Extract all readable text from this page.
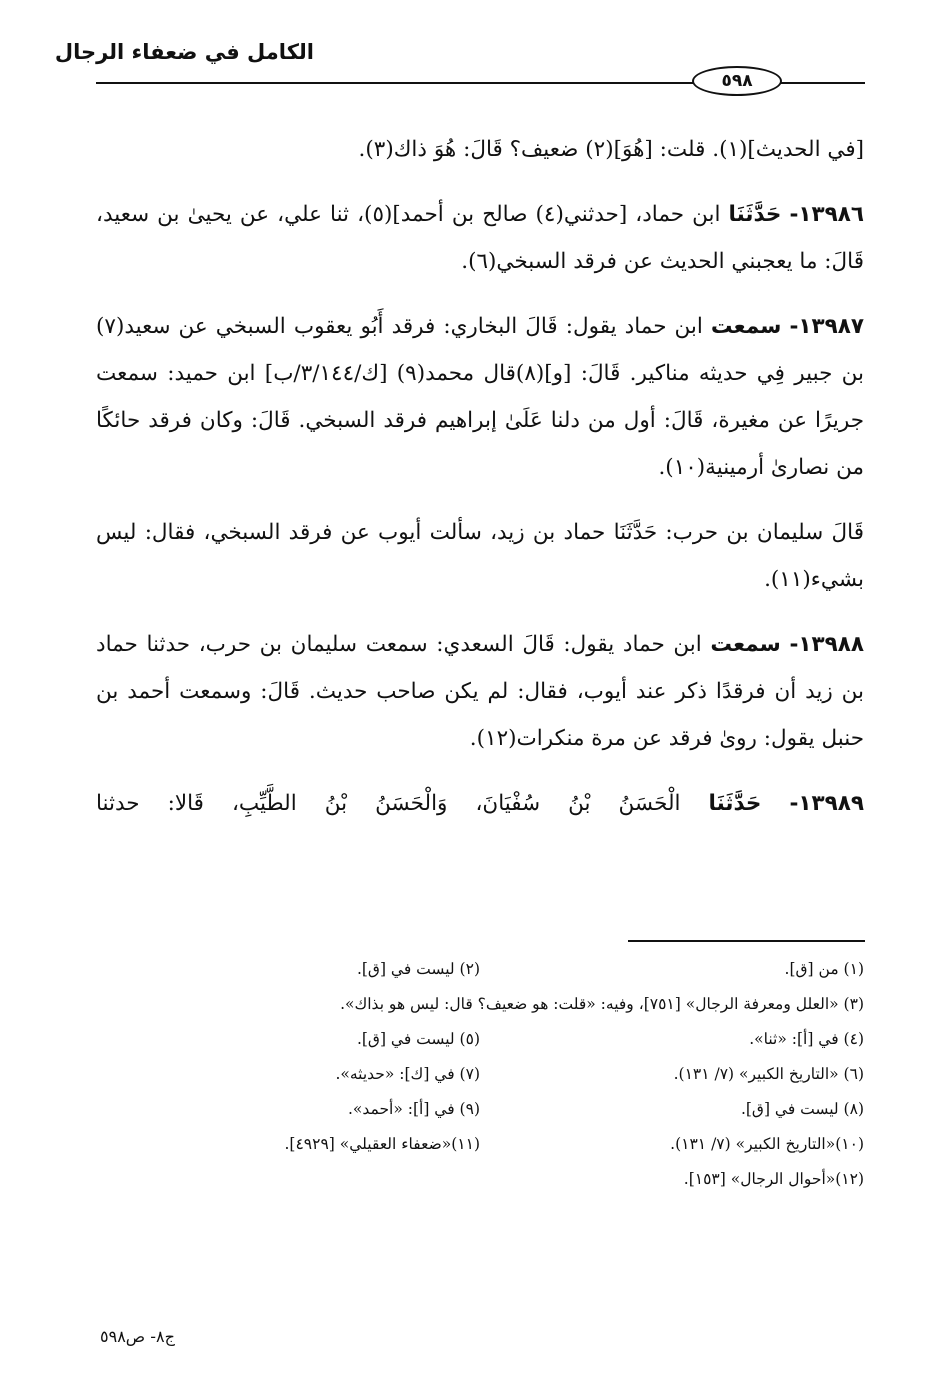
الكامل في ضعفاء الرجال
٥٩٨

[في الحديث](١). قلت: [هُوَ](٢) ضعيف؟ قَالَ: هُوَ ذاك(٣).

١٣٩٨٦- حَدَّثَنَا ابن حماد، [حدثني(٤) صالح بن أحمد](٥)، ثنا علي، عن يحيىٰ بن سعيد، قَالَ: ما يعجبني الحديث عن فرقد السبخي(٦).

١٣٩٨٧- سمعت ابن حماد يقول: قَالَ البخاري: فرقد أَبُو يعقوب السبخي عن سعيد(٧) بن جبير فِي حديثه مناكير. قَالَ: [و](٨)قال محمد(٩) [ك/٣/١٤٤/ب] ابن حميد: سمعت جريرًا عن مغيرة، قَالَ: أول من دلنا عَلَىٰ إبراهيم فرقد السبخي. قَالَ: وكان فرقد حائكًا من نصارىٰ أرمينية(١٠).

قَالَ سليمان بن حرب: حَدَّثَنَا حماد بن زيد، سألت أيوب عن فرقد السبخي، فقال: ليس بشيء(١١).

١٣٩٨٨- سمعت ابن حماد يقول: قَالَ السعدي: سمعت سليمان بن حرب، حدثنا حماد بن زيد أن فرقدًا ذكر عند أيوب، فقال: لم يكن صاحب حديث. قَالَ: وسمعت أحمد بن حنبل يقول: روىٰ فرقد عن مرة منكرات(١٢).

١٣٩٨٩- حَدَّثَنَا الْحَسَنُ بْنُ سُفْيَانَ، وَالْحَسَنُ بْنُ الطَّيِّبِ، قَالا: حدثنا

(١) من [ق].
(٢) ليست في [ق].
(٣) «العلل ومعرفة الرجال» [٧٥١]، وفيه: «قلت: هو ضعيف؟ قال: ليس هو بذاك».
(٤) في [أ]: «ثنا».
(٥) ليست في [ق].
(٦) «التاريخ الكبير» (٧/ ١٣١).
(٧) في [ك]: «حديثه».
(٨) ليست في [ق].
(٩) في [أ]: «أحمد».
(١٠)«التاريخ الكبير» (٧/ ١٣١).
(١١)«ضعفاء العقيلي» [٤٩٢٩].
(١٢)«أحوال الرجال» [١٥٣].
ج٨- ص٥٩٨
